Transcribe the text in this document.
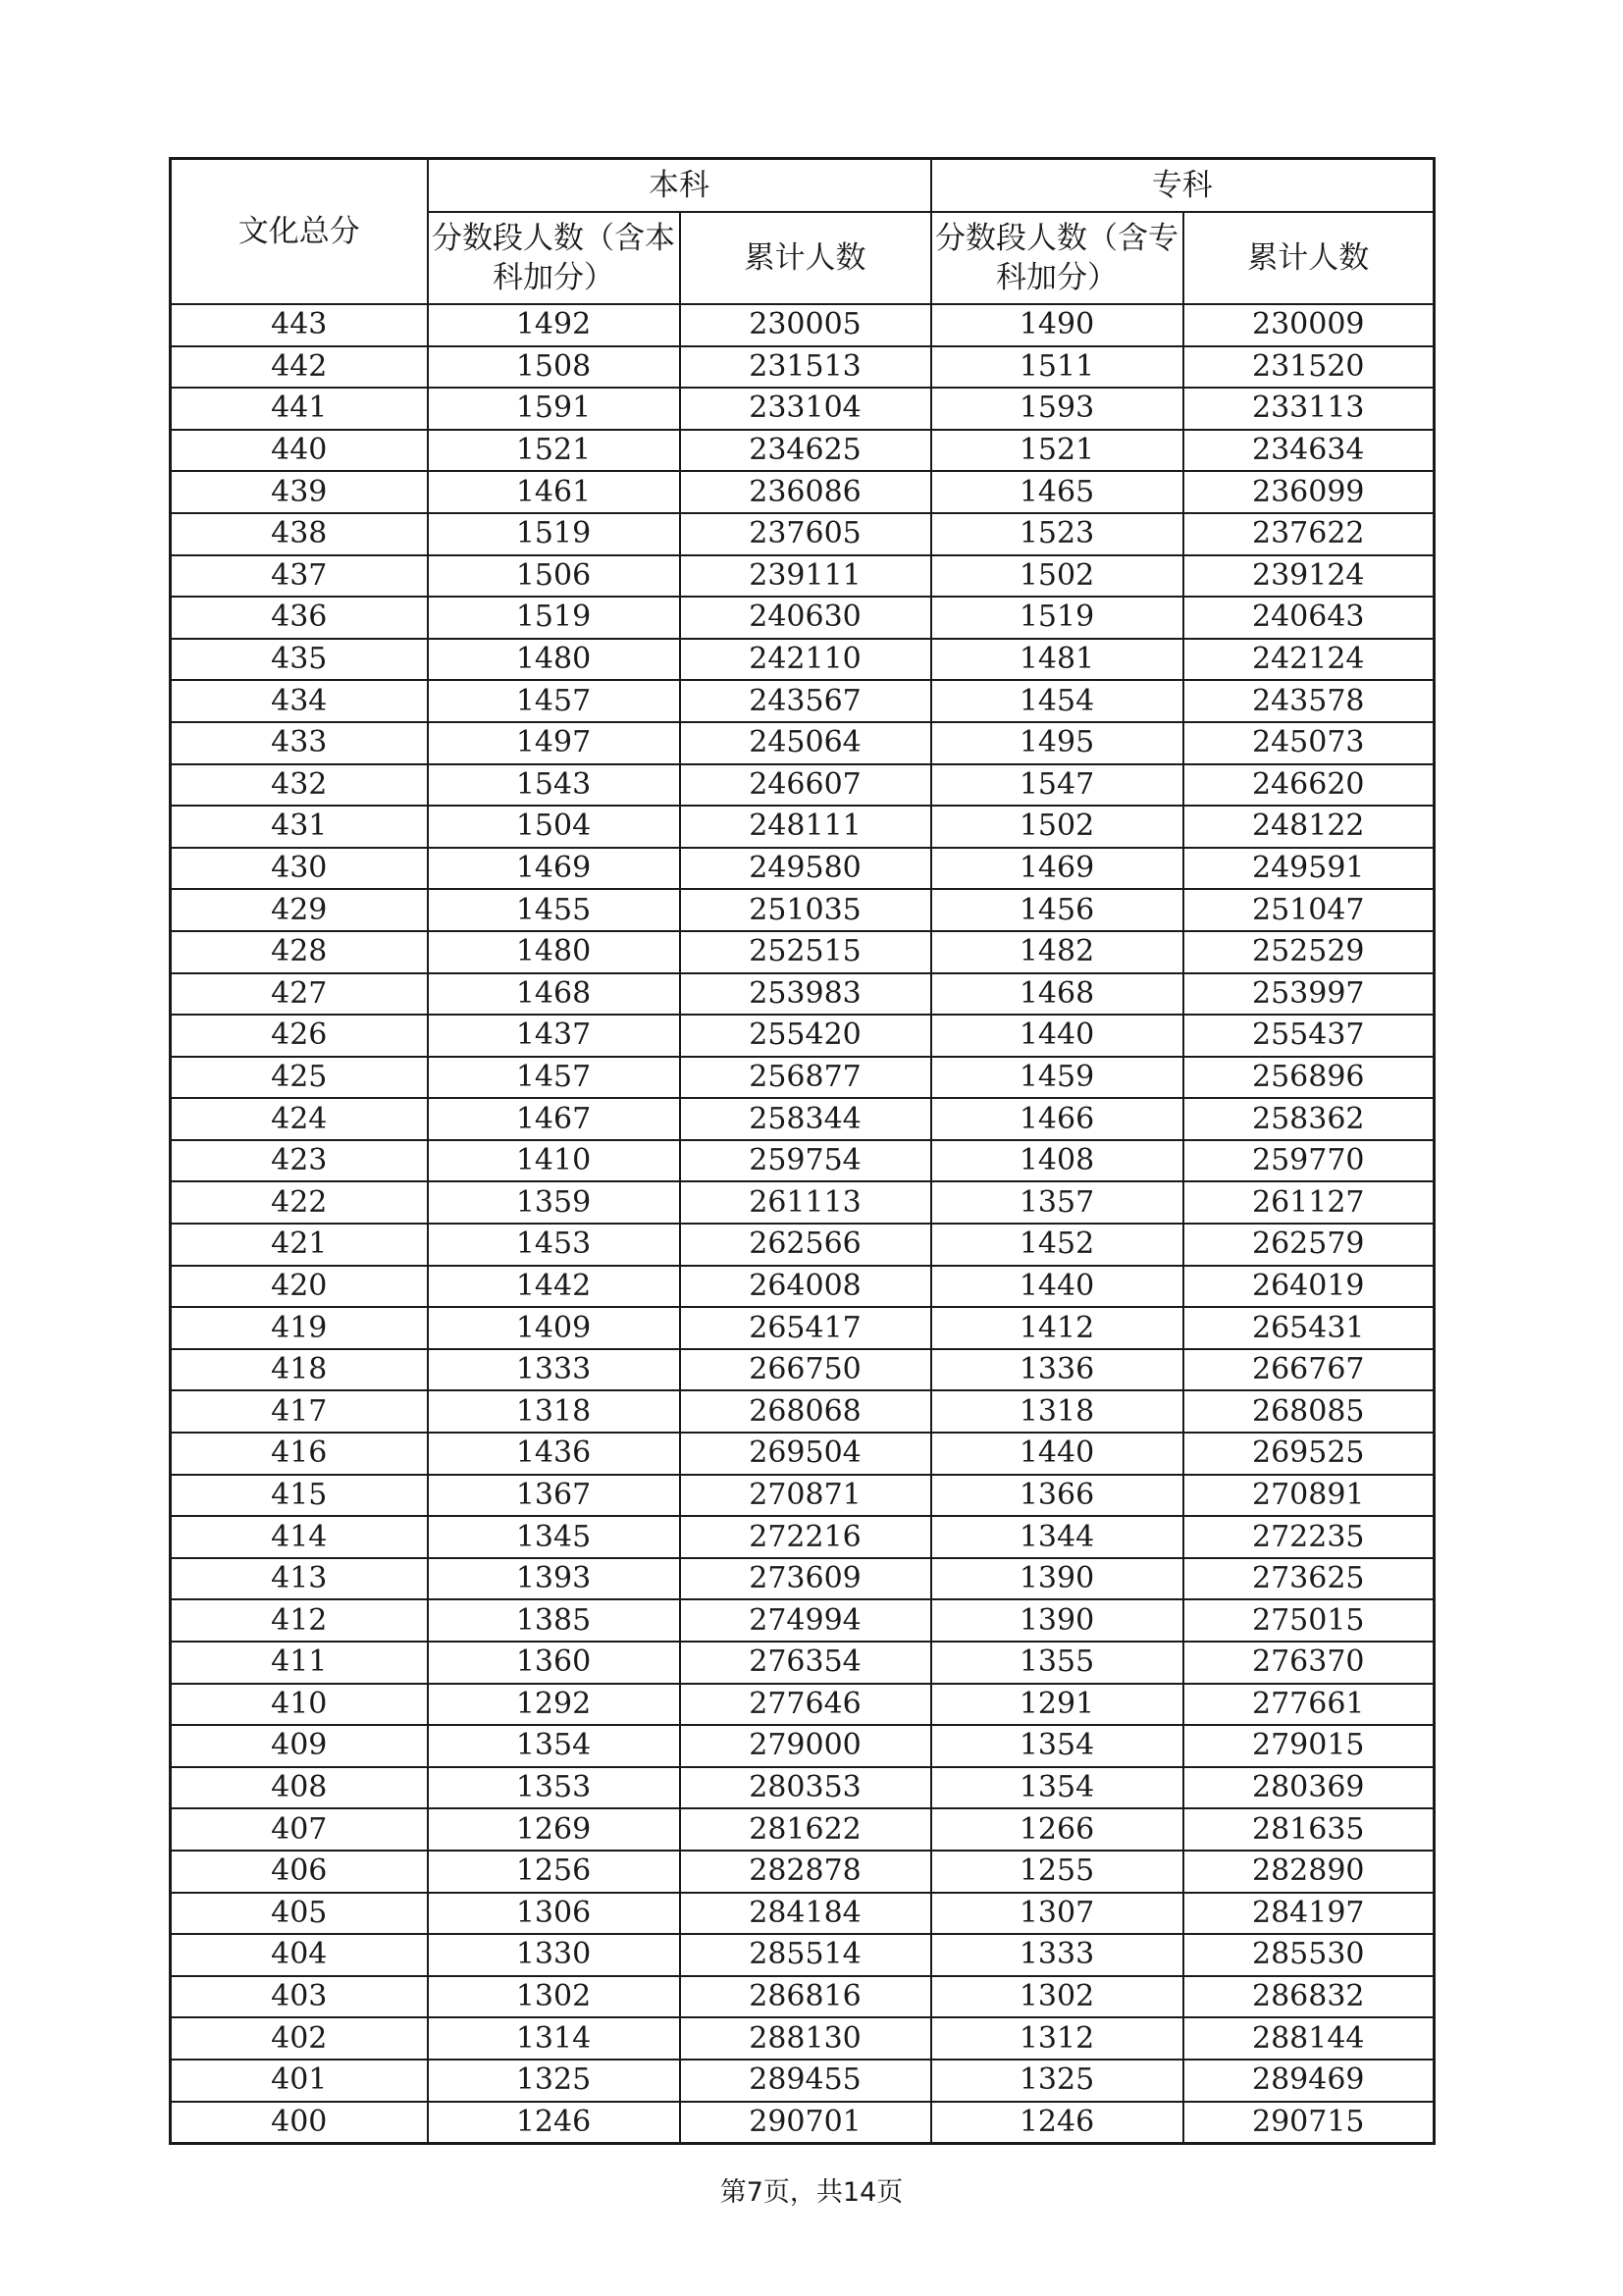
文化总分	本科		专科	
	分数段人数（含本科加分）	累计人数	分数段人数（含专科加分）	累计人数
443	1492	230005	1490	230009
442	1508	231513	1511	231520
441	1591	233104	1593	233113
440	1521	234625	1521	234634
439	1461	236086	1465	236099
438	1519	237605	1523	237622
437	1506	239111	1502	239124
436	1519	240630	1519	240643
435	1480	242110	1481	242124
434	1457	243567	1454	243578
433	1497	245064	1495	245073
432	1543	246607	1547	246620
431	1504	248111	1502	248122
430	1469	249580	1469	249591
429	1455	251035	1456	251047
428	1480	252515	1482	252529
427	1468	253983	1468	253997
426	1437	255420	1440	255437
425	1457	256877	1459	256896
424	1467	258344	1466	258362
423	1410	259754	1408	259770
422	1359	261113	1357	261127
421	1453	262566	1452	262579
420	1442	264008	1440	264019
419	1409	265417	1412	265431
418	1333	266750	1336	266767
417	1318	268068	1318	268085
416	1436	269504	1440	269525
415	1367	270871	1366	270891
414	1345	272216	1344	272235
413	1393	273609	1390	273625
412	1385	274994	1390	275015
411	1360	276354	1355	276370
410	1292	277646	1291	277661
409	1354	279000	1354	279015
408	1353	280353	1354	280369
407	1269	281622	1266	281635
406	1256	282878	1255	282890
405	1306	284184	1307	284197
404	1330	285514	1333	285530
403	1302	286816	1302	286832
402	1314	288130	1312	288144
401	1325	289455	1325	289469
400	1246	290701	1246	290715
第7页，共14页
